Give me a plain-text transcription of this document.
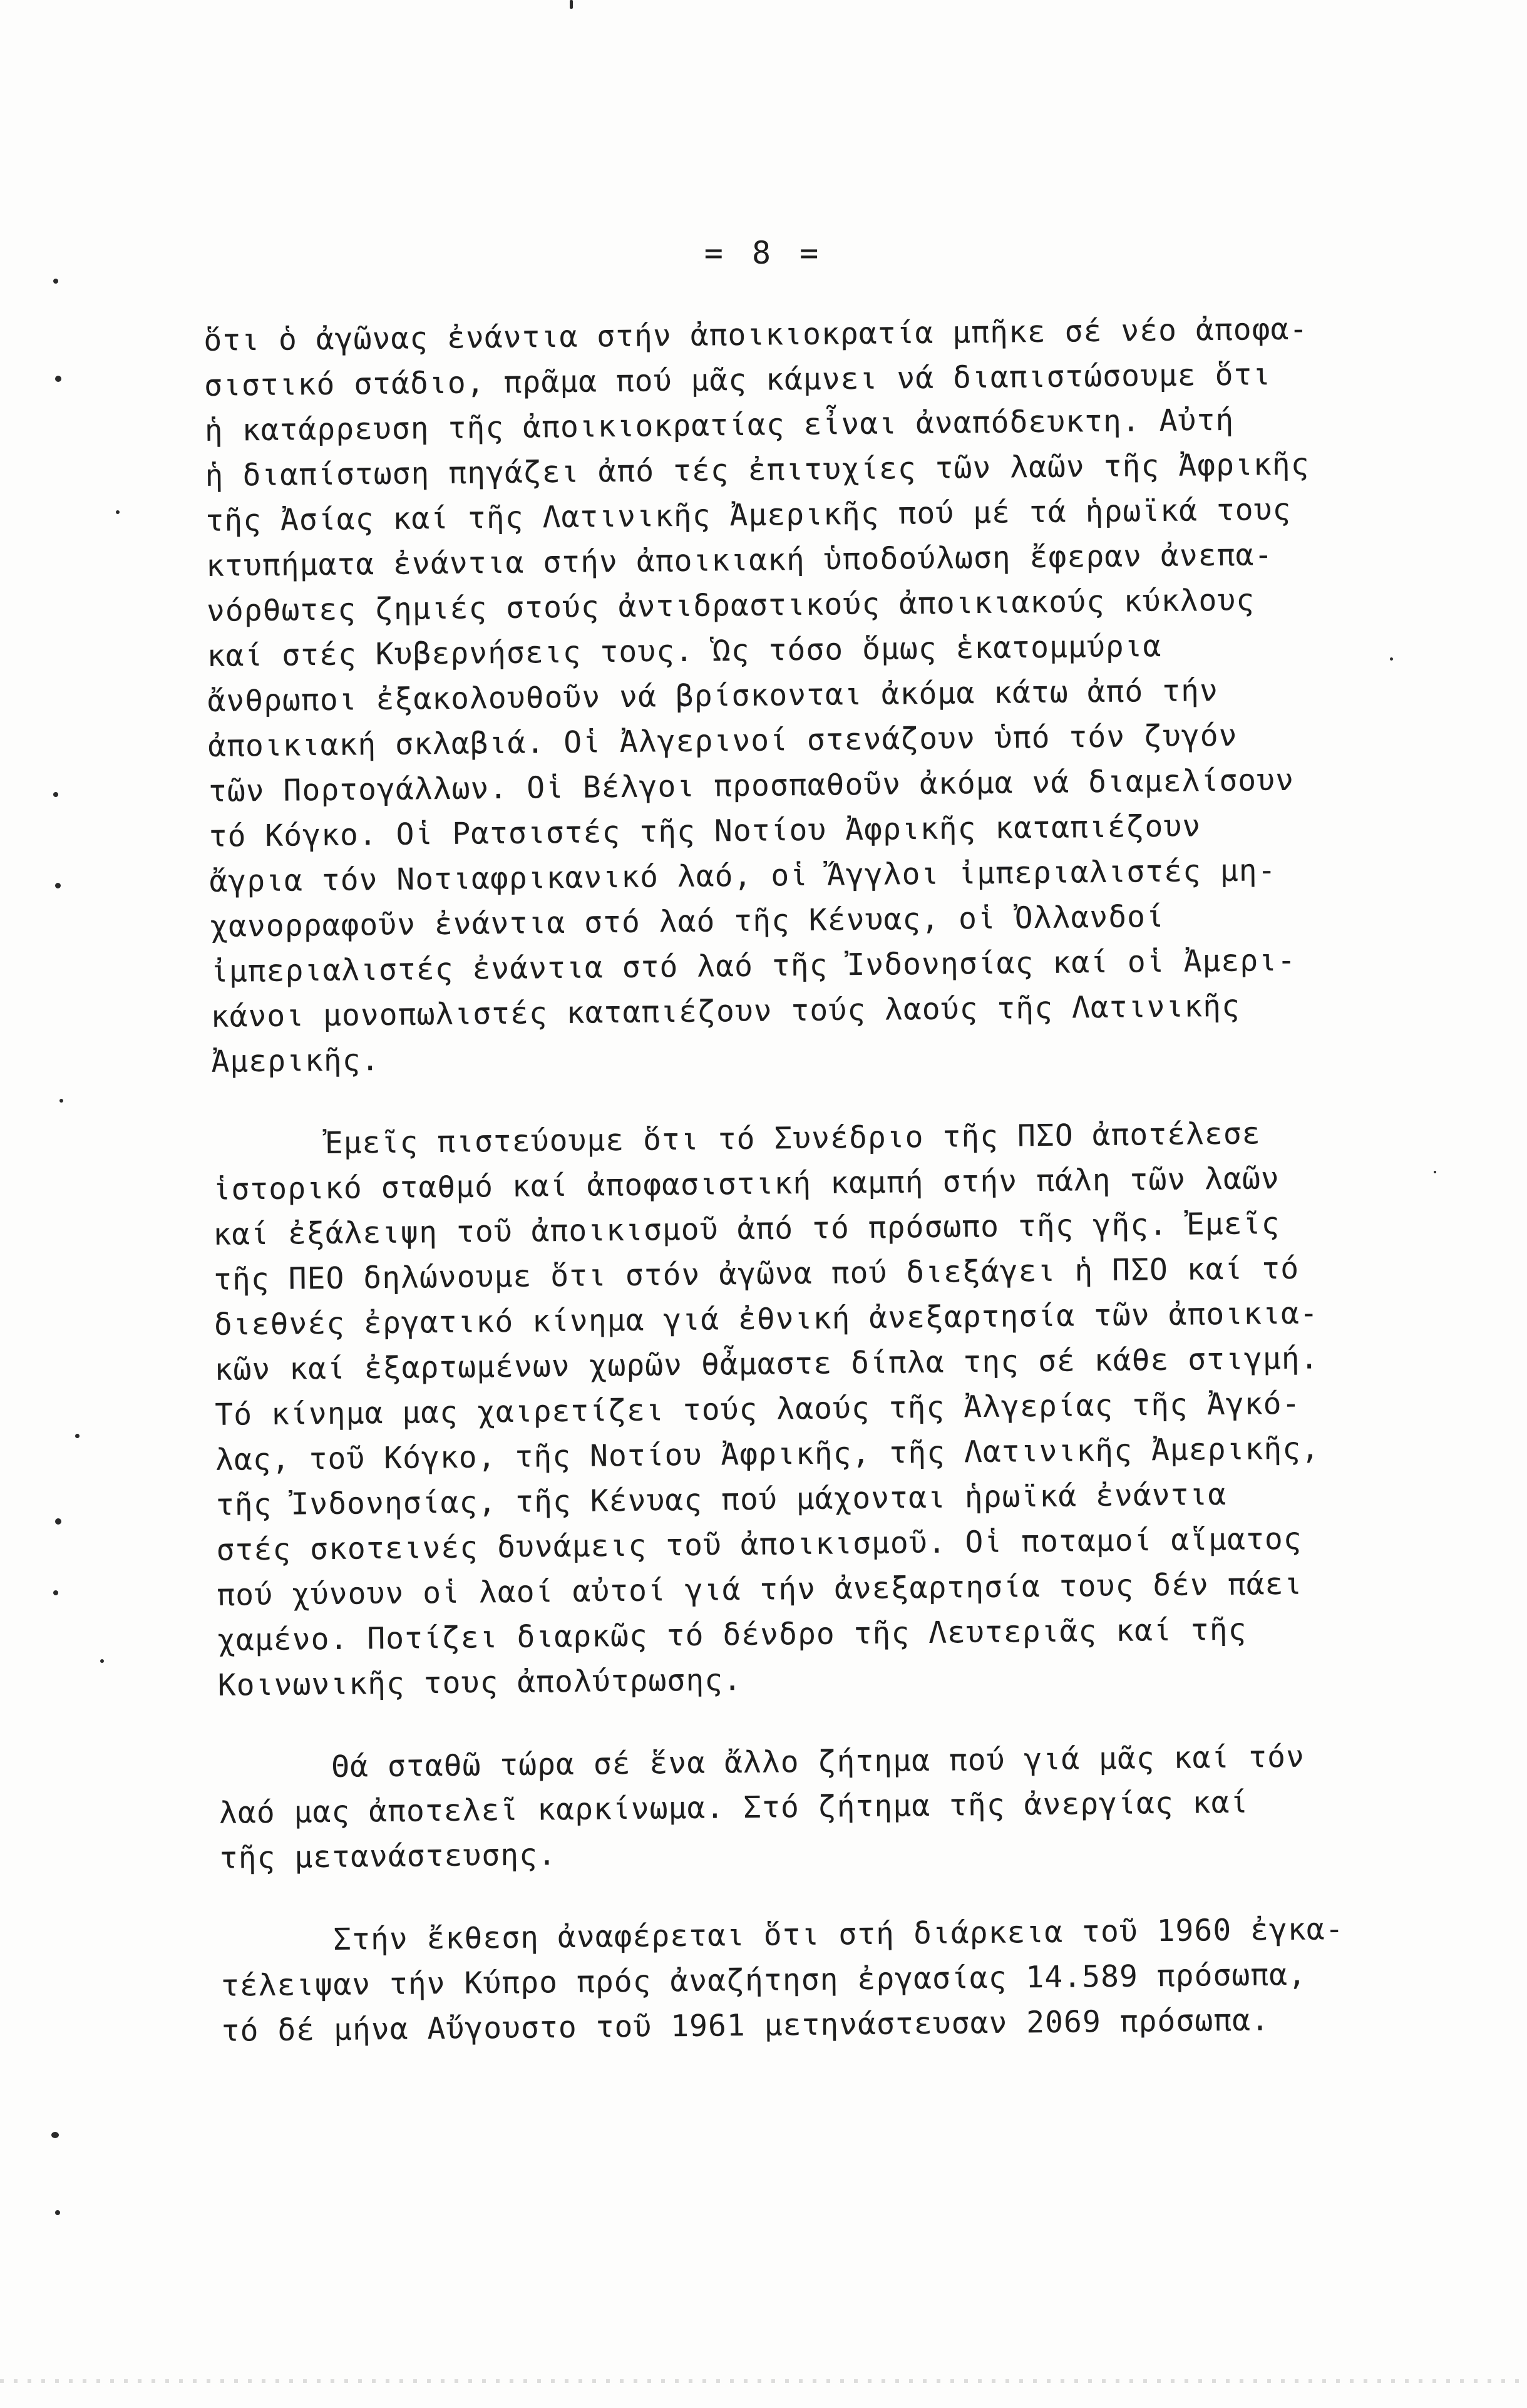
= 8 =
ὅτι ὁ ἀγῶνας ἐνάντια στήν ἀποικιοκρατία μπῆκε σέ νέο ἀποφα-
σιστικό στάδιο, πρᾶμα πού μᾶς κάμνει νά διαπιστώσουμε ὅτι
ἡ κατάρρευση τῆς ἀποικιοκρατίας εἶναι ἀναπόδευκτη. Αὐτή
ἡ διαπίστωση πηγάζει ἀπό τές ἐπιτυχίες τῶν λαῶν τῆς Ἀφρικῆς
τῆς Ἀσίας καί τῆς Λατινικῆς Ἀμερικῆς πού μέ τά ἡρωϊκά τους
κτυπήματα ἐνάντια στήν ἀποικιακή ὑποδούλωση ἔφεραν ἀνεπα-
νόρθωτες ζημιές στούς ἀντιδραστικούς ἀποικιακούς κύκλους
καί στές Κυβερνήσεις τους. Ὡς τόσο ὅμως ἑκατομμύρια
ἄνθρωποι ἐξακολουθοῦν νά βρίσκονται ἀκόμα κάτω ἀπό τήν
ἀποικιακή σκλαβιά. Οἱ Ἀλγερινοί στενάζουν ὑπό τόν ζυγόν
τῶν Πορτογάλλων. Οἱ Βέλγοι προσπαθοῦν ἀκόμα νά διαμελίσουν
τό Κόγκο. Οἱ Ρατσιστές τῆς Νοτίου Ἀφρικῆς καταπιέζουν
ἄγρια τόν Νοτιαφρικανικό λαό, οἱ Ἄγγλοι ἰμπεριαλιστές μη-
χανορραφοῦν ἐνάντια στό λαό τῆς Κένυας, οἱ Ὀλλανδοί
ἰμπεριαλιστές ἐνάντια στό λαό τῆς Ἰνδονησίας καί οἱ Ἀμερι-
κάνοι μονοπωλιστές καταπιέζουν τούς λαούς τῆς Λατινικῆς
Ἀμερικῆς.
Ἐμεῖς πιστεύουμε ὅτι τό Συνέδριο τῆς ΠΣΟ ἀποτέλεσε
ἱστορικό σταθμό καί ἀποφασιστική καμπή στήν πάλη τῶν λαῶν
καί ἐξάλειψη τοῦ ἀποικισμοῦ ἀπό τό πρόσωπο τῆς γῆς. Ἐμεῖς
τῆς ΠΕΟ δηλώνουμε ὅτι στόν ἀγῶνα πού διεξάγει ἡ ΠΣΟ καί τό
διεθνές ἐργατικό κίνημα γιά ἐθνική ἀνεξαρτησία τῶν ἀποικια-
κῶν καί ἐξαρτωμένων χωρῶν θἆμαστε δίπλα της σέ κάθε στιγμή.
Τό κίνημα μας χαιρετίζει τούς λαούς τῆς Ἀλγερίας τῆς Ἀγκό-
λας, τοῦ Κόγκο, τῆς Νοτίου Ἀφρικῆς, τῆς Λατινικῆς Ἀμερικῆς,
τῆς Ἰνδονησίας, τῆς Κένυας πού μάχονται ἡρωϊκά ἐνάντια
στές σκοτεινές δυνάμεις τοῦ ἀποικισμοῦ. Οἱ ποταμοί αἵματος
πού χύνουν οἱ λαοί αὐτοί γιά τήν ἀνεξαρτησία τους δέν πάει
χαμένο. Ποτίζει διαρκῶς τό δένδρο τῆς Λευτεριᾶς καί τῆς
Κοινωνικῆς τους ἀπολύτρωσης.
Θά σταθῶ τώρα σέ ἕνα ἄλλο ζήτημα πού γιά μᾶς καί τόν
λαό μας ἀποτελεῖ καρκίνωμα. Στό ζήτημα τῆς ἀνεργίας καί
τῆς μετανάστευσης.
Στήν ἔκθεση ἀναφέρεται ὅτι στή διάρκεια τοῦ 1960 ἐγκα-
τέλειψαν τήν Κύπρο πρός ἀναζήτηση ἐργασίας 14.589 πρόσωπα,
τό δέ μήνα Αὔγουστο τοῦ 1961 μετηνάστευσαν 2069 πρόσωπα.
